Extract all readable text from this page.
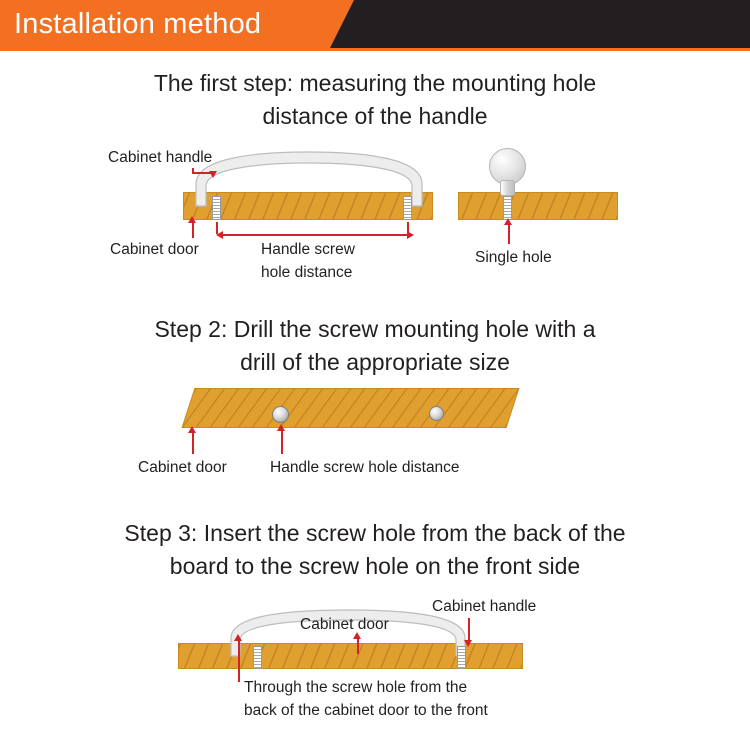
Installation method
The first step: measuring the mounting hole
distance of the handle
Cabinet handle
Cabinet door	Handle screw
hole distance
Single hole
Step 2: Drill the screw mounting hole with a
drill of the appropriate size
Cabinet door	Handle screw hole distance
Step 3: Insert the screw hole from the back of the
board to the screw hole on the front side
Cabinet door
Cabinet handle
Through the screw hole from the
back of the cabinet door to the front
